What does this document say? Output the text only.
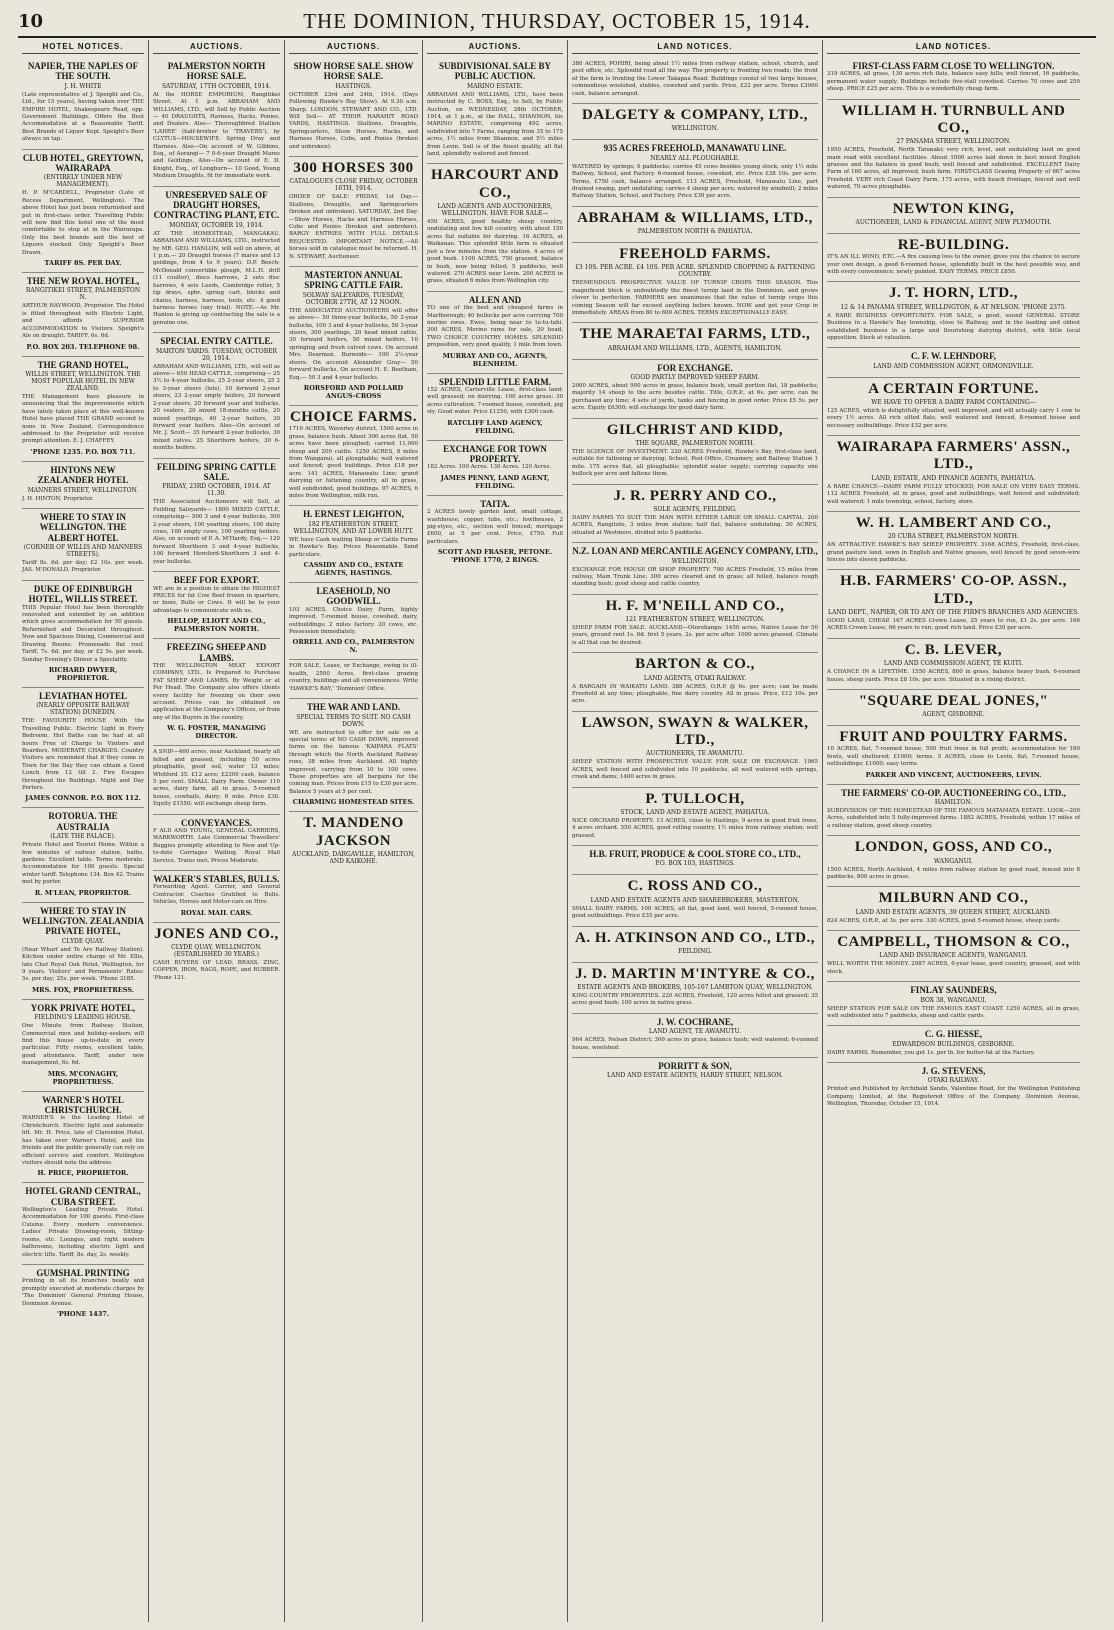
10	THE DOMINION, THURSDAY, OCTOBER 15, 1914.
HOTEL NOTICES.
NAPIER, THE NAPLES OF THE SOUTH.
J. H. WHITE
(Late representative of J. Speight and Co., Ltd., for 15 years), having taken over THE EMPIRE HOTEL, Shakespeare Road, opp. Government Buildings. Offers the Best Accommodation at a Reasonable Tariff. Best Brands of Liquor Kept. Speight's Beer always on tap.
CLUB HOTEL, GREYTOWN, WAIRARAPA
(ENTIRELY UNDER NEW MANAGEMENT).
H. P. M'CARDELL, Proprietor (Late of Recess Department, Wellington). The above Hotel has just been refurnished and put in first-class order. Travelling Public will now find this hotel one of the most comfortable to stop at in the Wairarapa. Only the best brands and the best of Liquors stocked. Only Speight's Beer Drawn.
TARIFF 8S. PER DAY.
THE NEW ROYAL HOTEL,
RANGITIKEI STREET, PALMERSTON N.
ARTHUR HAYWOOD, Proprietor. The Hotel is fitted throughout with Electric Light, and affords SUPERIOR ACCOMMODATION to Visitors. Speight's Ale on draught. TARIFF, 6s. 6d.
P.O. BOX 203. TELEPHONE 98.
THE GRAND HOTEL,
WILLIS STREET, WELLINGTON. THE MOST POPULAR HOTEL IN NEW ZEALAND.
THE Management have pleasure in announcing that the improvements which have lately taken place at this well-known Hotel have placed THE GRAND second to none in New Zealand. Correspondence addressed to the Proprietor will receive prompt attention. E. J. CHAFFEY.
'PHONE 1235. P.O. BOX 711.
HINTONS NEW ZEALANDER HOTEL
MANNERS STREET, WELLINGTON.
J. H. HINTON, Proprietor.
WHERE TO STAY IN WELLINGTON. THE ALBERT HOTEL
(CORNER OF WILLIS AND MANNERS STREETS).
Tariff 8s. 6d. per day; £2 10s. per week. JAS. M'DONALD, Proprietor.
DUKE OF EDINBURGH HOTEL, WILLIS STREET.
THIS Popular Hotel has been thoroughly renovated and extended by an addition which gives accommodation for 50 guests. Refurnished and Decorated throughout. New and Spacious Dining, Commercial and Drawing Rooms. Promenade flat roof. Tariff, 7s. 6d. per day, or £2 5s. per week. Sunday Evening's Dinner a Speciality.
RICHARD DWYER, PROPRIETOR.
LEVIATHAN HOTEL
(NEARLY OPPOSITE RAILWAY STATION) DUNEDIN.
THE FAVOURITE HOUSE With the Travelling Public. Electric Light in Every Bedroom. Hot Baths can be had at all hours Free of Charge to Visitors and Boarders. MODERATE CHARGES. Country Visitors are reminded that if they come in Town for the Day they can obtain a Good Lunch from 12 till 2. Fire Escapes throughout the Buildings. Night and Day Porters.
JAMES CONNOR. P.O. BOX 112.
ROTORUA. THE AUSTRALIA
(LATE THE PALACE).
Private Hotel and Tourist Home. Within a few minutes of railway station, baths, gardens. Excellent table. Terms moderate. Accommodation for 100 guests. Special winter tariff. Telephone 134. Box 42. Trains met by porter.
R. M'LEAN, PROPRIETOR.
WHERE TO STAY IN WELLINGTON. ZEALANDIA PRIVATE HOTEL,
CLYDE QUAY.
(Near Wharf and Te Aro Railway Station). Kitchen under entire charge of Mr. Ellis, late Chef Royal Oak Hotel, Wellington, for 9 years. Visitors' and Permanents' Rates: 5s. per day; 25s. per week. 'Phone 3185.
MRS. FOX, PROPRIETRESS.
YORK PRIVATE HOTEL,
FIELDING'S LEADING HOUSE.
One Minute from Railway Station, Commercial men and holiday-seekers will find this house up-to-date in every particular. Fifty rooms, excellent table, good attendance. Tariff, under new management, 6s. 6d.
MRS. M'CONAGHY, PROPRIETRESS.
WARNER'S HOTEL CHRISTCHURCH.
WARNER'S is the Leading Hotel of Christchurch. Electric light and automatic lift. Mr. H. Price, late of Clarendon Hotel, has taken over Warner's Hotel, and his friends and the public generally can rely on efficient service and comfort. Wellington visitors should note the address.
H. PRICE, PROPRIETOR.
HOTEL GRAND CENTRAL, CUBA STREET.
Wellington's Leading Private Hotel. Accommodation for 100 guests. First-class Cuisine. Every modern convenience. Ladies' Private Drawing-room, Sitting-rooms, etc. Lounges, and right modern bathrooms, including electric light and electric lifts. Tariff, 8s. day, 2s. weekly.
GUMSHAL PRINTING
Printing in all its branches neatly and promptly executed at moderate charges by 'The Dominion' General Printing House, Dominion Avenue.
'PHONE 1437.
AUCTIONS.
PALMERSTON NORTH HORSE SALE.
SATURDAY, 17TH OCTOBER, 1914.
At the HORSE EMPORIUM, Rangitikei Street. At 1 p.m. ABRAHAM AND WILLIAMS, LTD., will Sell by Public Auction— 40 DRAUGHTS, Harness, Hacks, Ponies, and Dealers. Also— Thoroughbred Stallion 'LAHRE' (half-brother to 'TRAVERS'), by CLYTUS—HOUSEWIFE. Spring Dray and Harness. Also—On account of W. Gibbins, Esq., of Aorangi— 7 0-6-year Draught Mares and Geldings. Also—On account of E. D. Knight, Esq., of Longburn— 10 Good, Young Medium Draughts, fit for immediate work.
UNRESERVED SALE OF DRAUGHT HORSES, CONTRACTING PLANT, ETC.
MONDAY, OCTOBER 19, 1914.
AT THE HOMESTEAD, MANGAKAU. ABRAHAM AND WILLIAMS, LTD., instructed by MR. GEO. HANLON, will sell on above, at 1 p.m.— 20 Draught horses (7 mares and 13 geldings, from 4 to 9 years). D.P. Beech-McDonald convertible plough, M.L.H. drill (11 coulter), discs harrows, 2 sets disc harrows, 4 sets Leeds, Cambridge roller, 5 tip drays, sphr. spring cart, blocks and chains, harness, harness, tools, etc. 4 good harness horses (any trial). NOTE.—As Mr. Hanlon is giving up contracting the sale is a genuine one.
SPECIAL ENTRY CATTLE.
MARTON YARDS. TUESDAY, OCTOBER 20, 1914.
ABRAHAM AND WILLIAMS, LTD., will sell as above— 650 HEAD CATTLE, comprising— 25 3½ to 4-year bullocks, 25 2-year steers, 25 2 to 3-year steers (lots), 10 forward 2-year steers, 23 2-year empty heifers, 20 forward 2-year steers, 20 forward year and bullocks, 20 vealers, 20 mixed 18-months cattle, 20 mixed yearlings, 40 2-year heifers, 30 forward year heifers. Also—On account of Mr. J. Scott— 35 forward 2-year bullocks, 30 mixed calves. 25 Shorthorn heifers, 30 6-months heifers.
FEILDING SPRING CATTLE SALE.
FRIDAY, 23RD OCTOBER, 1914. AT 11.30.
THE Associated Auctioneers will Sell, at Feilding Saleyards— 1800 MIXED CATTLE, comprising— 500 3 and 4-year bullocks, 300 2-year steers, 100 yearling steers, 100 dairy cows, 100 empty cows, 100 yearling heifers. Also, on account of P. A. M'Hardy, Esq.— 120 forward Shorthorn 3 and 4-year bullocks, 100 forward Hereford-Shorthorn 3 and 4-year bullocks.
BEEF FOR EXPORT.
WE are in a position to obtain the HIGHEST PRICES for fat Cow Beef frozen in quarters, or bone, Bulls or Cows. It will be to your advantage to communicate with us.
HELLOP, ELIOTT AND CO., PALMERSTON NORTH.
FREEZING SHEEP AND LAMBS.
THE WELLINGTON MEAT EXPORT COMPANY, LTD., Is Prepared to Purchase FAT SHEEP AND LAMBS, By Weight or at Per Head. The Company also offers clients every facility for freezing on their own account. Prices can be obtained on application at the Company's Offices, or from any of the Buyers in the country.
W. G. FOSTER, MANAGING DIRECTOR.
A SNIP—460 acres, near Auckland, nearly all felled and grassed, including 50 acres ploughable, good soil, water 13 miles; Whitford 35. £12 acre; £2300 cash, balance 5 per cent. SMALL Dairy Farm. Owner 110 acres, dairy farm, all in grass, 5-roomed house, cowbails, dairy; 6 mile. Price £30. Equity £1550; will exchange sheep farm.
CONVEYANCES.
F ALD AND YOUNG, GENERAL CARRIERS, WARKWORTH. Late Commercial Travellers' Buggies promptly attending to New and Up-to-date Carriages Waiting. Royal Mail Service. Trains met. Prices Moderate.
WALKER'S STABLES, BULLS.
Forwarding Agent. Carrier, and General Contractor. Coaches Gratified to Bulls. Vehicles, Horses and Motor-cars on Hire.
ROYAL MAIL CARS.
JONES AND CO.,
CLYDE QUAY, WELLINGTON. (ESTABLISHED 30 YEARS.)
CASH BUYERS OF LEAD, BRASS, ZINC, COPPER, IRON, RAGS, ROPE, and RUBBER. 'Phone 121.
AUCTIONS.
SHOW HORSE SALE. SHOW HORSE SALE.
HASTINGS.
OCTOBER 23rd and 24th, 1914. (Days Following Hawke's Bay Show). At 9.30 a.m. Sharp. LONDON, STEWART AND CO., LTD. Will Sell— AT THEIR HARAHIT ROAD YARDS, HASTINGS. Stallions, Draughts, Springcarters, Show Horses, Hacks, and Harness Horses, Cobs, and Ponies (broken and unbroken).
300 HORSES 300
CATALOGUES CLOSE FRIDAY, OCTOBER 16TH, 1914.
ORDER OF SALE: FRIDAY, 1st Day.—Stallions, Draughts, and Springcarters (broken and unbroken). SATURDAY, 2nd Day.—Show Horses, Hacks and Harness Horses, Cobs and Ponies (broken and unbroken). BARGY ENTRIES WITH FULL DETAILS REQUESTED. IMPORTANT NOTICE.—All horses sold in catalogue must be returned. H. N. STEWART, Auctioneer.
MASTERTON ANNUAL SPRING CATTLE FAIR.
SOLWAY SALEYARDS, TUESDAY, OCTOBER 27TH, AT 12 NOON.
THE ASSOCIATED AUCTIONEERS will offer as above— 50 three-year bullocks, 50 2-year bullocks, 100 3 and 4-year bullocks, 50 3-year steers, 300 yearlings, 20 head mixed cattle, 30 forward heifers, 50 mixed heifers, 10 springing and fresh calved cows. On account Mrs. Dearman, Burnside— 100 2½-year steers. On account Alexander Gray— 50 forward bullocks. On account H. E. Beetham, Esq.— 50 3 and 4-year bullocks.
RORSFORD AND POLLARD ANGUS-CROSS
CHOICE FARMS.
1710 ACRES, Waverley district, 1500 acres in grass, balance bush. About 300 acres flat, 50 acres have been ploughed; carried 11,000 sheep and 200 cattle. 1250 ACRES, 8 miles from Wanganui, all ploughable; well watered and fenced; good buildings. Price £18 per acre. 141 ACRES, Manawatu Line; grand dairying or fattening country, all in grass, well subdivided, good buildings. 97 ACRES, 6 miles from Wellington, milk run.
H. ERNEST LEIGHTON,
182 FEATHERSTON STREET, WELLINGTON, AND AT LOWER HUTT.
WE have Cash waiting Sheep or Cattle Farms in Hawke's Bay. Prices Reasonable. Send particulars.
CASSIDY AND CO., ESTATE AGENTS, HASTINGS.
LEASEHOLD, NO GOODWILL.
103 ACRES, Choice Dairy Farm, highly improved, 7-roomed house, cowshed, dairy, outbuildings; 2 miles factory. 20 cows, etc. Possession immediately.
ORRELL AND CO., PALMERSTON N.
FOR SALE, Lease, or Exchange, owing to ill-health, 2500 Acres, first-class grazing country, buildings and all conveniences. Write 'HAWKE'S BAY,' 'Dominion' Office.
THE WAR AND LAND.
SPECIAL TERMS TO SUIT. NO CASH DOWN.
WE are instructed to offer for sale on a special terms of NO CASH DOWN, improved farms on the famous 'KAIPARA FLATS' through which the North Auckland Railway runs, 38 miles from Auckland. All highly improved, carrying from 10 to 100 cows. These properties are all bargains for the coming man. Prices from £15 to £30 per acre. Balance 5 years at 5 per cent.
CHARMING HOMESTEAD SITES.
T. MANDENO JACKSON
AUCKLAND, DARGAVILLE, HAMILTON, AND KAIKOHE.
AUCTIONS.
SUBDIVISIONAL SALE BY PUBLIC AUCTION.
MARINO ESTATE.
ABRAHAM AND WILLIAMS, LTD., have been instructed by C. BOSS, Esq., to Sell, by Public Auction, on WEDNESDAY, 28th OCTOBER, 1914, at 1 p.m., at the HALL, SHANNON, his MARINO ESTATE, comprising 492 acres, subdivided into 7 Farms, ranging from 35 to 175 acres, 1½ miles from Shannon, and 5½ miles from Levin. Soil is of the finest quality, all flat land, splendidly watered and fenced.
HARCOURT AND CO.,
LAND AGENTS AND AUCTIONEERS, WELLINGTON. HAVE FOR SALE—
450 ACRES, good healthy sheep country, undulating and low hill country, with about 150 acres flat suitable for dairying. 16 ACRES, at Waikanae. This splendid little farm is situated just a few minutes from the station. 4 acres of good bush. 1100 ACRES, 750 grassed, balance in bush, now being felled; 5 paddocks, well watered. 270 ACRES near Levin. 200 ACRES in grass, situated 6 miles from Wellington city.
ALLEN AND
TO one of the best and cheapest farms in Marlborough; 40 bullocks per acre carrying 700 merino ewes. Ewes, being near to tu-tu-tahi. 300 ACRES, Merino rams for sale, 20 head. TWO CHOICE COUNTRY HOMES. SPLENDID proposition, very good quality, 1 mile from town.
MURRAY AND CO., AGENTS, BLENHEIM.
SPLENDID LITTLE FARM.
152 ACRES, Carterville Lease, first-class land; well grassed; on dairying. 100 acres grass; 30 acres cultivation; 7-roomed house, cowshed, pig sty. Good water. Price £1250, with £300 cash.
RATCLIFF LAND AGENCY, FEILDING.
EXCHANGE FOR TOWN PROPERTY.
182 Acres. 100 Acres. 130 Acres. 120 Acres.
JAMES PENNY, LAND AGENT, FEILDING.
TAITA.
2 ACRES lovely garden land, small cottage, washhouse, copper, tubs, etc.; fowlhouses, 2 pig-styes, etc., section well fenced; mortgage £600, at 5 per cent. Price, £750. Full particulars.
SCOTT AND FRASER, PETONE. 'PHONE 1770, 2 RINGS.
LAND NOTICES.
380 ACRES, POHIRI, being about 1½ miles from railway station, school, church, and post office, etc. Splendid road all the way. The property is fronting two roads; the front of the farm is fronting the Lower Takapau Road. Buildings consist of two large houses, commodious woolshed, stables, cowshed and yards. Price, £22 per acre. Terms £3000 cash, balance arranged.
DALGETY & COMPANY, LTD.,
WELLINGTON.
935 ACRES FREEHOLD, MANAWATU LINE.
NEARLY ALL PLOUGHABLE.
WATERED by springs; 6 paddocks; carries 45 cows besides young stock; only 1½ mile Railway, School, and Factory. 6-roomed house, cowshed, etc. Price £38 10s. per acre. Terms, £750 cash, balance arranged. 113 ACRES, Freehold, Manawatu Line, part drained swamp, part undulating; carries 4 sheep per acre; watered by windmill; 2 miles Railway Station, School, and Factory. Price £30 per acre.
ABRAHAM & WILLIAMS, LTD.,
PALMERSTON NORTH & PAHIATUA.
FREEHOLD FARMS.
£3 10S. PER ACRE. £4 10S. PER ACRE. SPLENDID CROPPING & FATTENING COUNTRY.
TREMENDOUS PROSPECTIVE VALUE OF TURNIP CROPS THIS SEASON. This magnificent block is undoubtedly the finest turnip land in the Dominion, and grows clover to perfection. FARMERS are unanimous that the value of turnip crops this coming Season will far exceed anything before known. NOW and get your Crop in immediately. AREAS from 80 to 600 ACRES. TERMS EXCEPTIONALLY EASY.
THE MARAETAI FARMS, LTD.,
ABRAHAM AND WILLIAMS, LTD., AGENTS, HAMILTON.
FOR EXCHANGE.
GOOD PARTLY IMPROVED SHEEP FARM.
2000 ACRES, about 900 acres in grass, balance bush, small portion flat, 18 paddocks; majority 14 sheep to the acre besides cattle. Title, O.R.P., at 6s. per acre; can be purchased any time; 4 sets of yards, tanks and fencing in good order. Price £5 5s. per acre. Equity £6300; will exchange for good dairy farm.
GILCHRIST AND KIDD,
THE SQUARE, PALMERSTON NORTH.
THE SCIENCE OF INVESTMENT. 220 ACRES Freehold, Hawke's Bay, first-class land, suitable for fattening or dairying; School, Post Office, Creamery, and Railway Station 1 mile. 175 acres flat, all ploughable; splendid water supply; carrying capacity one bullock per acre and fattens them.
J. R. PERRY AND CO.,
SOLE AGENTS, FEILDING.
DAIRY FARMS TO SUIT THE MAN WITH EITHER LARGE OR SMALL CAPITAL. 200 ACRES, Rangitoto, 3 miles from station; half flat, balance undulating. 50 ACRES, situated at Westmere, divided into 5 paddocks.
N.Z. LOAN AND MERCANTILE AGENCY COMPANY, LTD.,
WELLINGTON.
EXCHANGE FOR HOUSE OR SHOP PROPERTY. 700 ACRES Freehold, 15 miles from railway, Main Trunk Line; 300 acres cleared and in grass; all felled, balance rough standing bush; good sheep and cattle country.
H. F. M'NEILL AND CO.,
121 FEATHERSTON STREET, WELLINGTON.
SHEEP FARM FOR SALE. AUCKLAND—Otorohanga: 1450 acres, Native Lease for 50 years, ground rent 1s. 6d. first 5 years, 2s. per acre after. 1000 acres grassed. Climate is all that can be desired.
BARTON & CO.,
LAND AGENTS, OTAKI RAILWAY.
A BARGAIN IN WAIKATO LAND. 388 ACRES, O.R.P. @ 6s. per acre; can be made Freehold at any time; ploughable, fine dairy country. All in grass. Price, £12 10s. per acre.
LAWSON, SWAYN & WALKER, LTD.,
AUCTIONEERS, TE AWAMUTU.
SHEEP STATION WITH PROSPECTIVE VALUE FOR SALE OR EXCHANGE. 1965 ACRES, well fenced and subdivided into 10 paddocks, all well watered with springs, creek and dams; 1400 acres in grass.
P. TULLOCH,
STOCK, LAND AND ESTATE AGENT, PAHIATUA.
NICE ORCHARD PROPERTY. 13 ACRES, close to Hastings, 9 acres in good fruit trees, 4 acres orchard. 550 ACRES, good rolling country, 1½ miles from railway station; well grassed.
H.B. FRUIT, PRODUCE & COOL STORE CO., LTD.,
P.O. BOX 103, HASTINGS.
C. ROSS AND CO.,
LAND AND ESTATE AGENTS AND SHAREBROKERS, MASTERTON.
SMALL DAIRY FARMS. 100 ACRES, all flat, good land, well fenced, 5-roomed house, good outbuildings. Price £35 per acre.
A. H. ATKINSON AND CO., LTD.,
FEILDING.
J. D. MARTIN M'INTYRE & CO.,
ESTATE AGENTS AND BROKERS, 105-107 LAMBTON QUAY, WELLINGTON.
KING COUNTRY PROPERTIES. 220 ACRES, Freehold, 120 acres felled and grassed; 35 acres good bush; 100 acres in native grass.
J. W. COCHRANE,
LAND AGENT, TE AWAMUTU.
964 ACRES, Nelson District; 300 acres in grass, balance bush; well watered; 6-roomed house, woolshed.
PORRITT & SON,
LAND AND ESTATE AGENTS, HARDY STREET, NELSON.
LAND NOTICES.
FIRST-CLASS FARM CLOSE TO WELLINGTON.
319 ACRES, all grass, 130 acres rich flats, balance easy hills; well fenced, 16 paddocks, permanent water supply. Buildings include five-stall cowshed. Carries 70 cows and 250 sheep. PRICE £25 per acre. This is a wonderfully cheap farm.
WILLIAM H. TURNBULL AND CO.,
27 PANAMA STREET, WELLINGTON.
1950 ACRES, Freehold, North Taranaki; very rich, level, and undulating land on good main road with excellent facilities. About 1000 acres laid down in best mixed English grasses and the balance in good bush; well fenced and subdivided. EXCELLENT Dairy Farm of 160 acres, all improved, bush farm. FIRST-CLASS Grazing Property of 667 acres Freehold. VERY rich Coast Dairy Farm, 175 acres, with beach frontage, fenced and well watered, 70 acres ploughable.
NEWTON KING,
AUCTIONEER, LAND & FINANCIAL AGENT, NEW PLYMOUTH.
RE-BUILDING.
IT'S AN ILL WIND, ETC.—A fire causing loss to the owner, gives you the chance to secure your own design, a good 6-roomed house, splendidly built in the best possible way, and with every convenience; newly painted. EASY TERMS. PRICE £850.
J. T. HORN, LTD.,
12 & 14 PANAMA STREET, WELLINGTON, & AT NELSON. 'PHONE 2375.
A RARE BUSINESS OPPORTUNITY. FOR SALE, a good, sound GENERAL STORE Business in a Hawke's Bay township, close to Railway, and in the leading and oldest established business in a large and flourishing dairying district, with little local opposition. Stock at valuation.
C. F. W. LEHNDORF,
LAND AND COMMISSION AGENT, ORMONDVILLE.
A CERTAIN FORTUNE.
WE HAVE TO OFFER A DAIRY FARM CONTAINING—
125 ACRES, which is delightfully situated, well improved, and will actually carry 1 cow to every 1½ acres. All rich silted flats, well watered and fenced, 8-roomed house and necessary outbuildings. Price £32 per acre.
WAIRARAPA FARMERS' ASSN., LTD.,
LAND, ESTATE, AND FINANCE AGENTS, PAHIATUA.
A RARE CHANCE—DAIRY FARM FULLY STOCKED, FOR SALE ON VERY EASY TERMS. 112 ACRES Freehold, all in grass, good and outbuildings; well fenced and subdivided; well watered; 1 mile township, school, factory, store.
W. H. LAMBERT AND CO.,
20 CUBA STREET, PALMERSTON NORTH.
AN ATTRACTIVE HAWKE'S BAY SHEEP PROPERTY. 3168 ACRES, Freehold, first-class, grand pasture land, sown in English and Native grasses, well fenced by good seven-wire fences into eleven paddocks.
H.B. FARMERS' CO-OP. ASSN., LTD.,
LAND DEPT., NAPIER, OR TO ANY OF THE FIRM'S BRANCHES AND AGENCIES.
GOOD LAND, CHEAP. 167 ACRES Crown Lease, 25 years to run, £1 2s. per acre. 166 ACRES Crown Lease, 66 years to run; good rich land. Price £30 per acre.
C. B. LEVER,
LAND AND COMMISSION AGENT, TE KUITI.
A CHANCE IN A LIFETIME. 1550 ACRES, 800 in grass, balance heavy bush, 6-roomed house, sheep yards. Price £8 10s. per acre. Situated in a rising district.
"SQUARE DEAL JONES,"
AGENT, GISBORNE.
FRUIT AND POULTRY FARMS.
10 ACRES, flat, 7-roomed house, 500 fruit trees in full profit; accommodation for 160 fowls, well sheltered; £1000; terms. 5 ACRES, close to Levin, flat, 7-roomed house, outbuildings; £1000; easy terms.
PARKER AND VINCENT, AUCTIONEERS, LEVIN.
THE FARMERS' CO-OP. AUCTIONEERING CO., LTD.,
HAMILTON.
SUBDIVISION OF THE HOMESTEAD OF THE FAMOUS MATAMATA ESTATE. LOOK—200 Acres, subdivided into 5 fully-improved farms. 1882 ACRES, Freehold, within 17 miles of a railway station, good sheep country.
LONDON, GOSS, AND CO.,
WANGANUI.
1500 ACRES, North Auckland, 4 miles from railway station by good road, fenced into 8 paddocks, 800 acres in grass.
MILBURN AND CO.,
LAND AND ESTATE AGENTS, 39 QUEEN STREET, AUCKLAND.
824 ACRES, O.R.P., at 3s. per acre. 330 ACRES, good 5-roomed house, sheep yards.
CAMPBELL, THOMSON & CO.,
LAND AND INSURANCE AGENTS, WANGANUI.
WELL WORTH THE MONEY. 2987 ACRES, 6-year lease, good country, grassed, and with stock.
FINLAY SAUNDERS,
BOX 38, WANGANUI.
SHEEP STATION FOR SALE ON THE FAMOUS EAST COAST. 1250 ACRES, all in grass, well subdivided into 7 paddocks, sheep and cattle yards.
C. G. HIESSE,
EDWARDSON BUILDINGS, GISBORNE.
DAIRY FARMS. Remember, you get 1s. per lb. for butter-fat at the Factory.
J. G. STEVENS,
OTAKI RAILWAY.
Printed and Published by Archibald Sando, Valentine Road, for the Wellington Publishing Company, Limited, at the Registered Office of the Company, Dominion Avenue, Wellington, Thursday, October 15, 1914.
